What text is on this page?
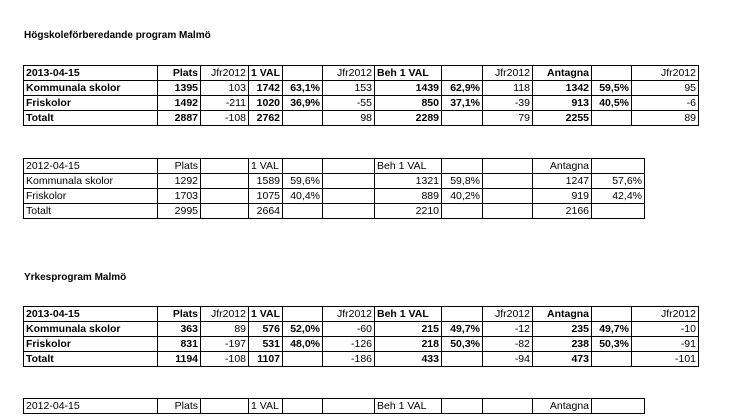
Högskoleförberedande program Malmö
2013-04-15	Plats	Jfr2012	1 VAL		Jfr2012	Beh 1 VAL		Jfr2012	Antagna		Jfr2012
Kommunala skolor	1395	103	1742	63,1%	153	1439	62,9%	118	1342	59,5%	95
Friskolor	1492	-211	1020	36,9%	-55	850	37,1%	-39	913	40,5%	-6
Totalt	2887	-108	2762		98	2289		79	2255		89
2012-04-15	Plats		1 VAL			Beh 1 VAL			Antagna	
Kommunala skolor	1292		1589	59,6%		1321	59,8%		1247	57,6%
Friskolor	1703		1075	40,4%		889	40,2%		919	42,4%
Totalt	2995		2664			2210			2166	
Yrkesprogram Malmö
2013-04-15	Plats	Jfr2012	1 VAL		Jfr2012	Beh 1 VAL		Jfr2012	Antagna		Jfr2012
Kommunala skolor	363	89	576	52,0%	-60	215	49,7%	-12	235	49,7%	-10
Friskolor	831	-197	531	48,0%	-126	218	50,3%	-82	238	50,3%	-91
Totalt	1194	-108	1107		-186	433		-94	473		-101
2012-04-15	Plats		1 VAL			Beh 1 VAL			Antagna	
